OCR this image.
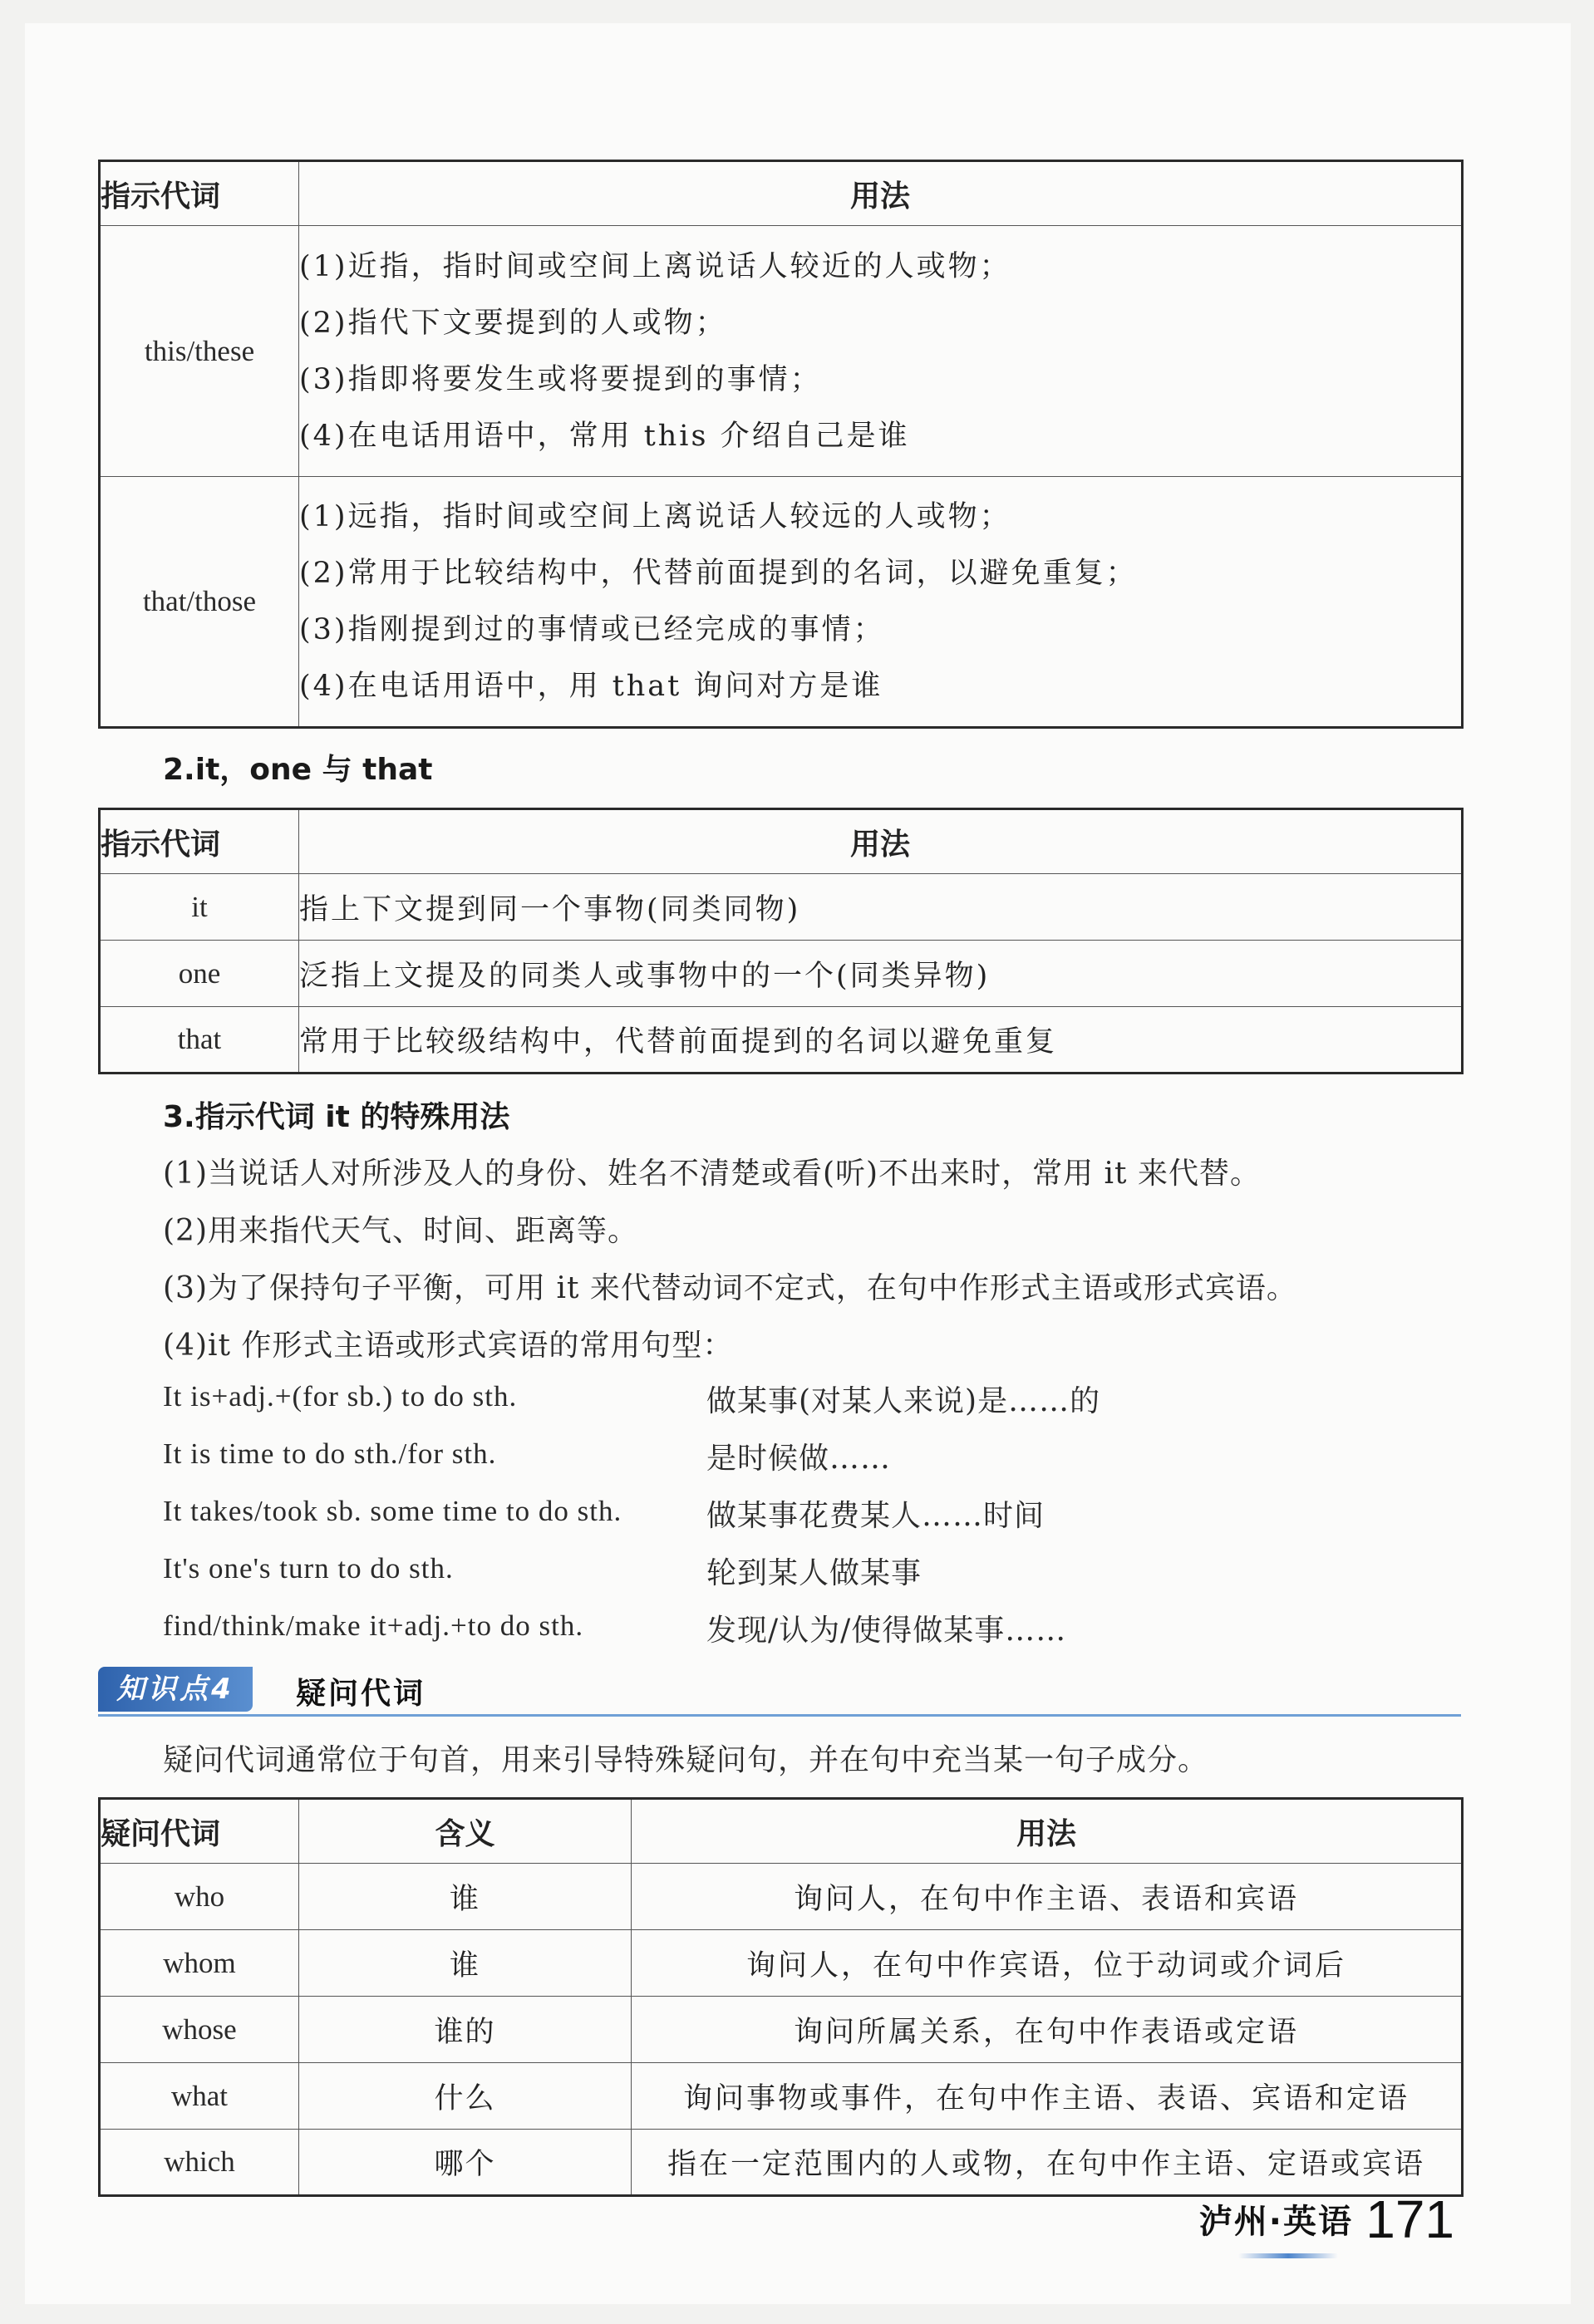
指示代词	用法
this/these	(1)近指，指时间或空间上离说话人较近的人或物；
(2)指代下文要提到的人或物；
(3)指即将要发生或将要提到的事情；
(4)在电话用语中，常用 this 介绍自己是谁

that/those	(1)远指，指时间或空间上离说话人较远的人或物；
(2)常用于比较结构中，代替前面提到的名词，以避免重复；
(3)指刚提到过的事情或已经完成的事情；
(4)在电话用语中，用 that 询问对方是谁
2.it，one 与 that
指示代词	用法
it	指上下文提到同一个事物(同类同物)
one	泛指上文提及的同类人或事物中的一个(同类异物)
that	常用于比较级结构中，代替前面提到的名词以避免重复
3.指示代词 it 的特殊用法
(1)当说话人对所涉及人的身份、姓名不清楚或看(听)不出来时，常用 it 来代替。
(2)用来指代天气、时间、距离等。
(3)为了保持句子平衡，可用 it 来代替动词不定式，在句中作形式主语或形式宾语。
(4)it 作形式主语或形式宾语的常用句型：
It is+adj.+(for sb.) to do sth.	做某事(对某人来说)是……的
It is time to do sth./for sth.	是时候做……
It takes/took sb. some time to do sth.	做某事花费某人……时间
It's one's turn to do sth.	轮到某人做某事
find/think/make it+adj.+to do sth.	发现/认为/使得做某事……
知识点4	疑问代词
疑问代词通常位于句首，用来引导特殊疑问句，并在句中充当某一句子成分。
疑问代词	含义	用法
who	谁	询问人，在句中作主语、表语和宾语
whom	谁	询问人，在句中作宾语，位于动词或介词后
whose	谁的	询问所属关系，在句中作表语或定语
what	什么	询问事物或事件，在句中作主语、表语、宾语和定语
which	哪个	指在一定范围内的人或物，在句中作主语、定语或宾语
泸州·英语 171
